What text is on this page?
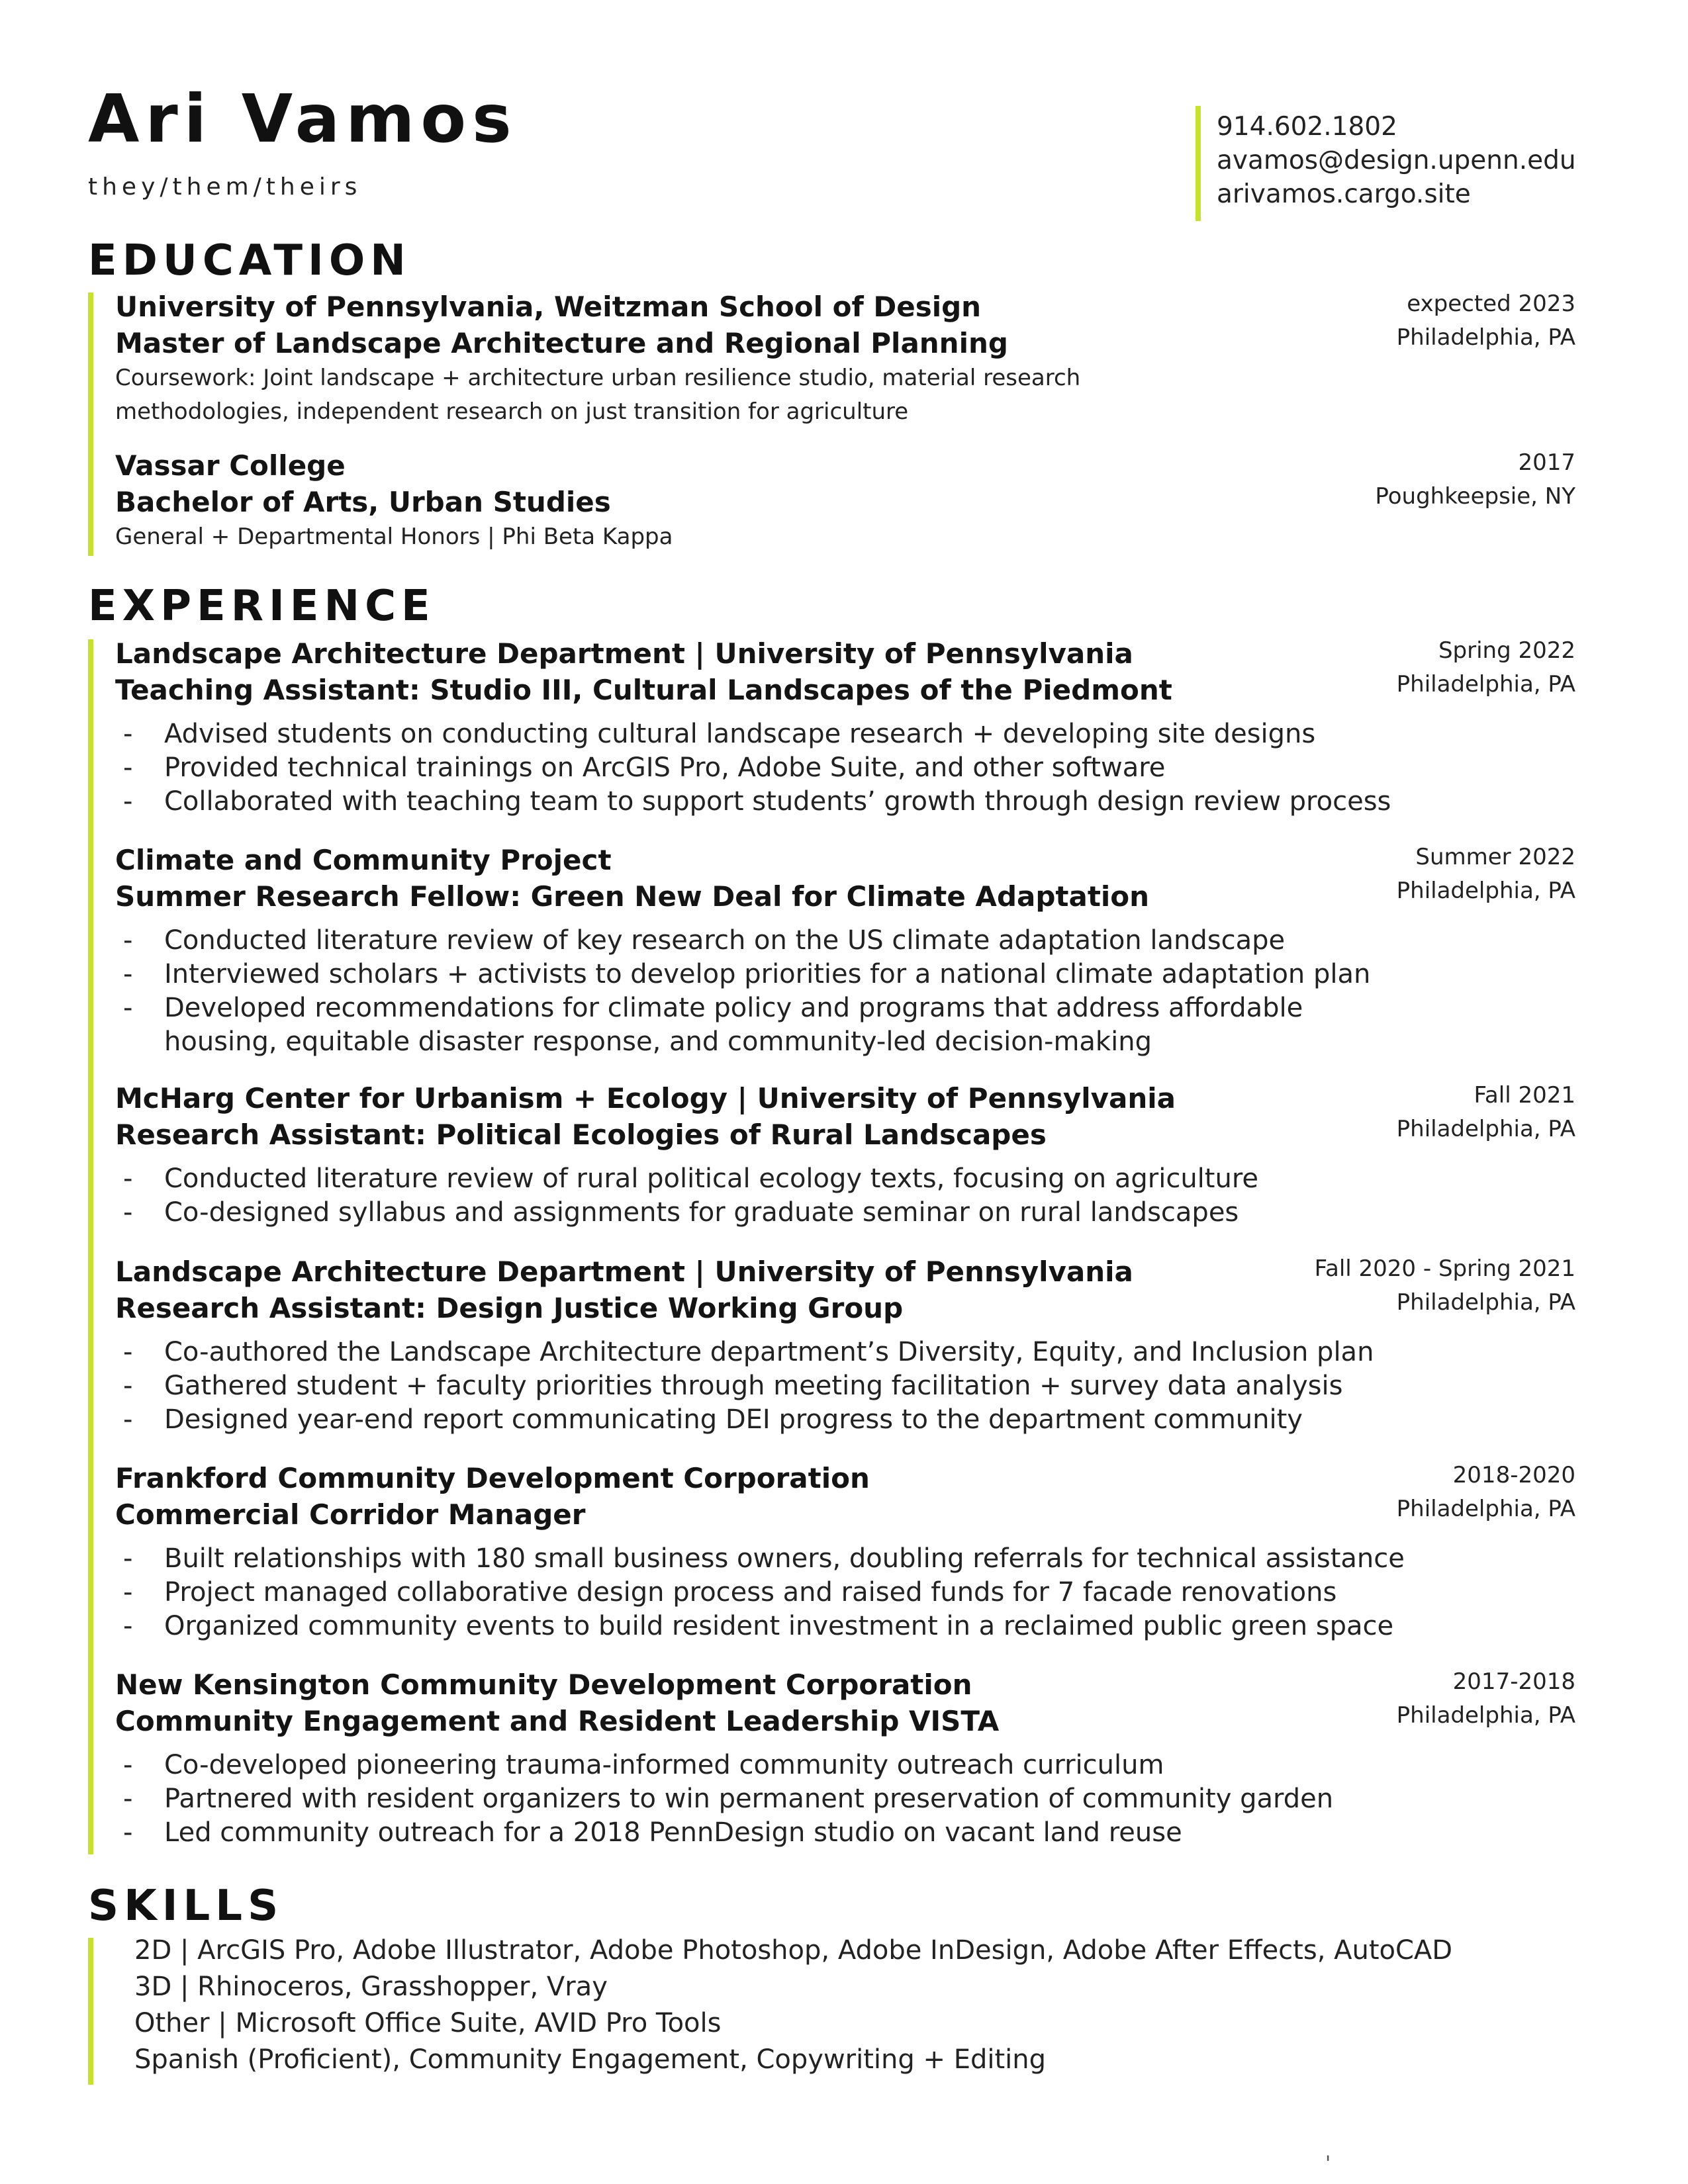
Ari Vamos
they/them/theirs
914.602.1802
avamos@design.upenn.edu
arivamos.cargo.site
EDUCATION
University of Pennsylvania, Weitzman School of Design
Master of Landscape Architecture and Regional Planning
Coursework: Joint landscape + architecture urban resilience studio, material research
methodologies, independent research on just transition for agriculture
expected 2023
Philadelphia, PA
Vassar College
Bachelor of Arts, Urban Studies
General + Departmental Honors | Phi Beta Kappa
2017
Poughkeepsie, NY
EXPERIENCE
Landscape Architecture Department | University of Pennsylvania
Teaching Assistant: Studio III, Cultural Landscapes of the Piedmont
- Advised students on conducting cultural landscape research + developing site designs
- Provided technical trainings on ArcGIS Pro, Adobe Suite, and other software
- Collaborated with teaching team to support students’ growth through design review process
Spring 2022
Philadelphia, PA
Climate and Community Project
Summer Research Fellow: Green New Deal for Climate Adaptation
- Conducted literature review of key research on the US climate adaptation landscape
- Interviewed scholars + activists to develop priorities for a national climate adaptation plan
- Developed recommendations for climate policy and programs that address affordable
housing, equitable disaster response, and community-led decision-making
Summer 2022
Philadelphia, PA
McHarg Center for Urbanism + Ecology | University of Pennsylvania
Research Assistant: Political Ecologies of Rural Landscapes
- Conducted literature review of rural political ecology texts, focusing on agriculture
- Co-designed syllabus and assignments for graduate seminar on rural landscapes
Fall 2021
Philadelphia, PA
Landscape Architecture Department | University of Pennsylvania
Research Assistant: Design Justice Working Group
- Co-authored the Landscape Architecture department’s Diversity, Equity, and Inclusion plan
- Gathered student + faculty priorities through meeting facilitation + survey data analysis
- Designed year-end report communicating DEI progress to the department community
Fall 2020 - Spring 2021
Philadelphia, PA
Frankford Community Development Corporation
Commercial Corridor Manager
- Built relationships with 180 small business owners, doubling referrals for technical assistance
- Project managed collaborative design process and raised funds for 7 facade renovations
- Organized community events to build resident investment in a reclaimed public green space
2018-2020
Philadelphia, PA
New Kensington Community Development Corporation
Community Engagement and Resident Leadership VISTA
- Co-developed pioneering trauma-informed community outreach curriculum
- Partnered with resident organizers to win permanent preservation of community garden
- Led community outreach for a 2018 PennDesign studio on vacant land reuse
2017-2018
Philadelphia, PA
SKILLS
2D | ArcGIS Pro, Adobe Illustrator, Adobe Photoshop, Adobe InDesign, Adobe After Effects, AutoCAD
3D | Rhinoceros, Grasshopper, Vray
Other | Microsoft Office Suite, AVID Pro Tools
Spanish (Proficient), Community Engagement, Copywriting + Editing
'
